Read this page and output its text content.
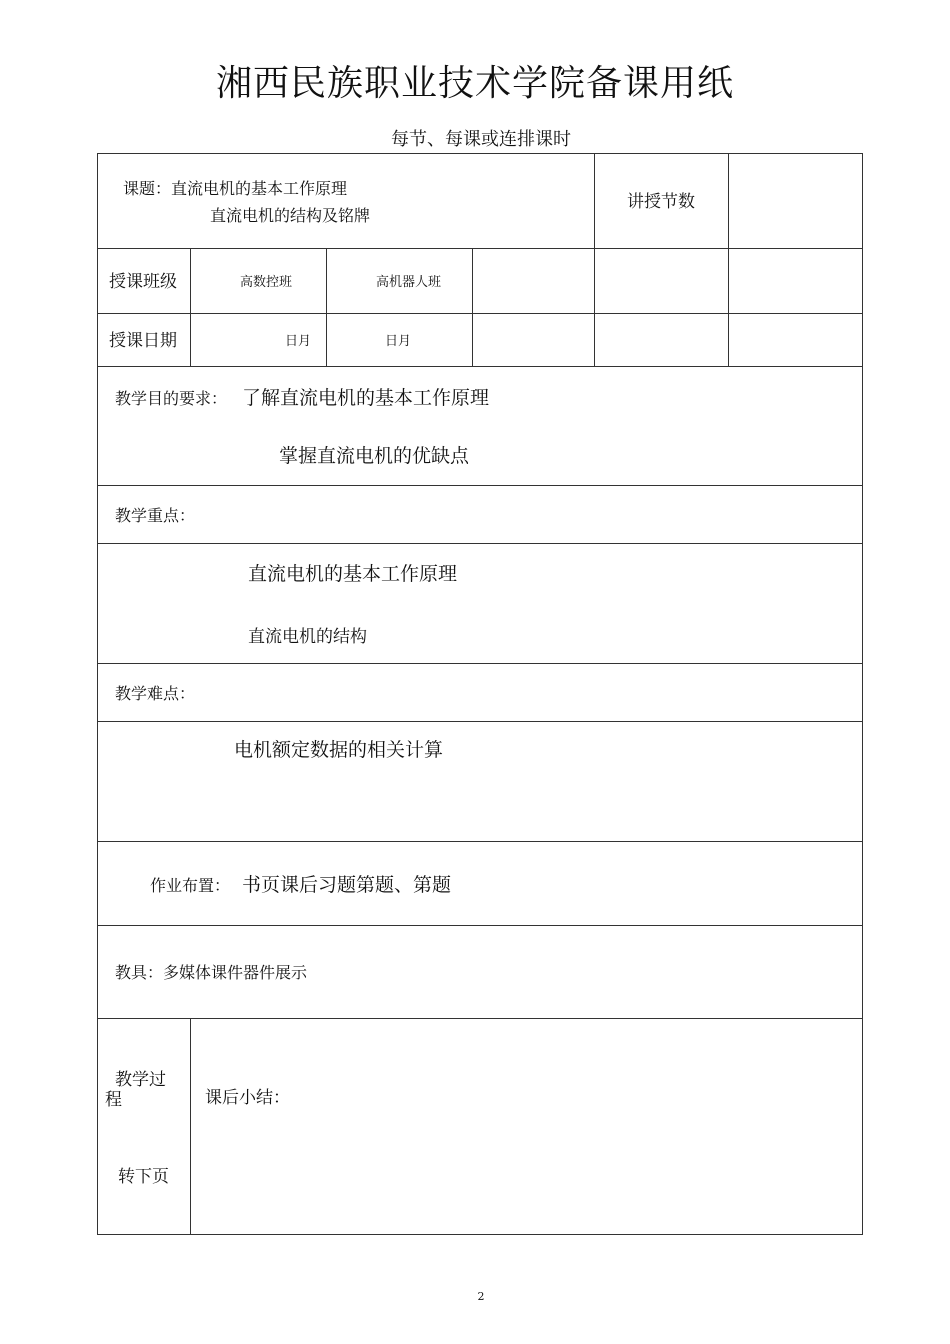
湘西民族职业技术学院备课用纸
每节、每课或连排课时
课题：直流电机的基本工作原理
直流电机的结构及铭牌
讲授节数
授课班级	高数控班	高机器人班
授课日期	日月	日月
教学目的要求： 了解直流电机的基本工作原理
掌握直流电机的优缺点
教学重点：
直流电机的基本工作原理
直流电机的结构
教学难点：
电机额定数据的相关计算
作业布置： 书页课后习题第题、第题
教具：多媒体课件器件展示
教学过
程
转下页
课后小结：
2
